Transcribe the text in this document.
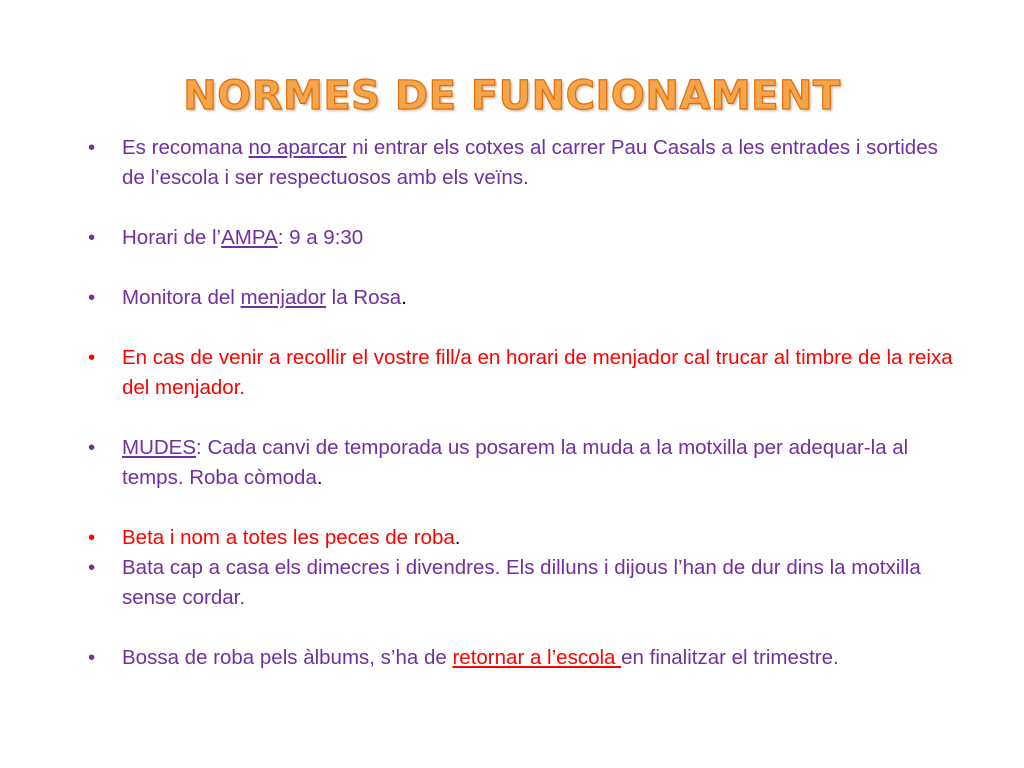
NORMES DE FUNCIONAMENT
• Es recomana no aparcar ni entrar els cotxes al carrer Pau Casals a les entrades i sortides de l’escola i ser respectuosos amb els veïns.
• Horari de l’AMPA: 9 a 9:30
• Monitora del menjador la Rosa.
• En cas de venir a recollir el vostre fill/a en horari de menjador cal trucar al timbre de la reixa del menjador.
• MUDES: Cada canvi de temporada us posarem la muda a la motxilla per adequar-la al temps. Roba còmoda.
• Beta i nom a totes les peces de roba.
• Bata cap a casa els dimecres i divendres. Els dilluns i dijous l’han de dur dins la motxilla sense cordar.
• Bossa de roba pels àlbums, s’ha de retornar a l’escola en finalitzar el trimestre.
